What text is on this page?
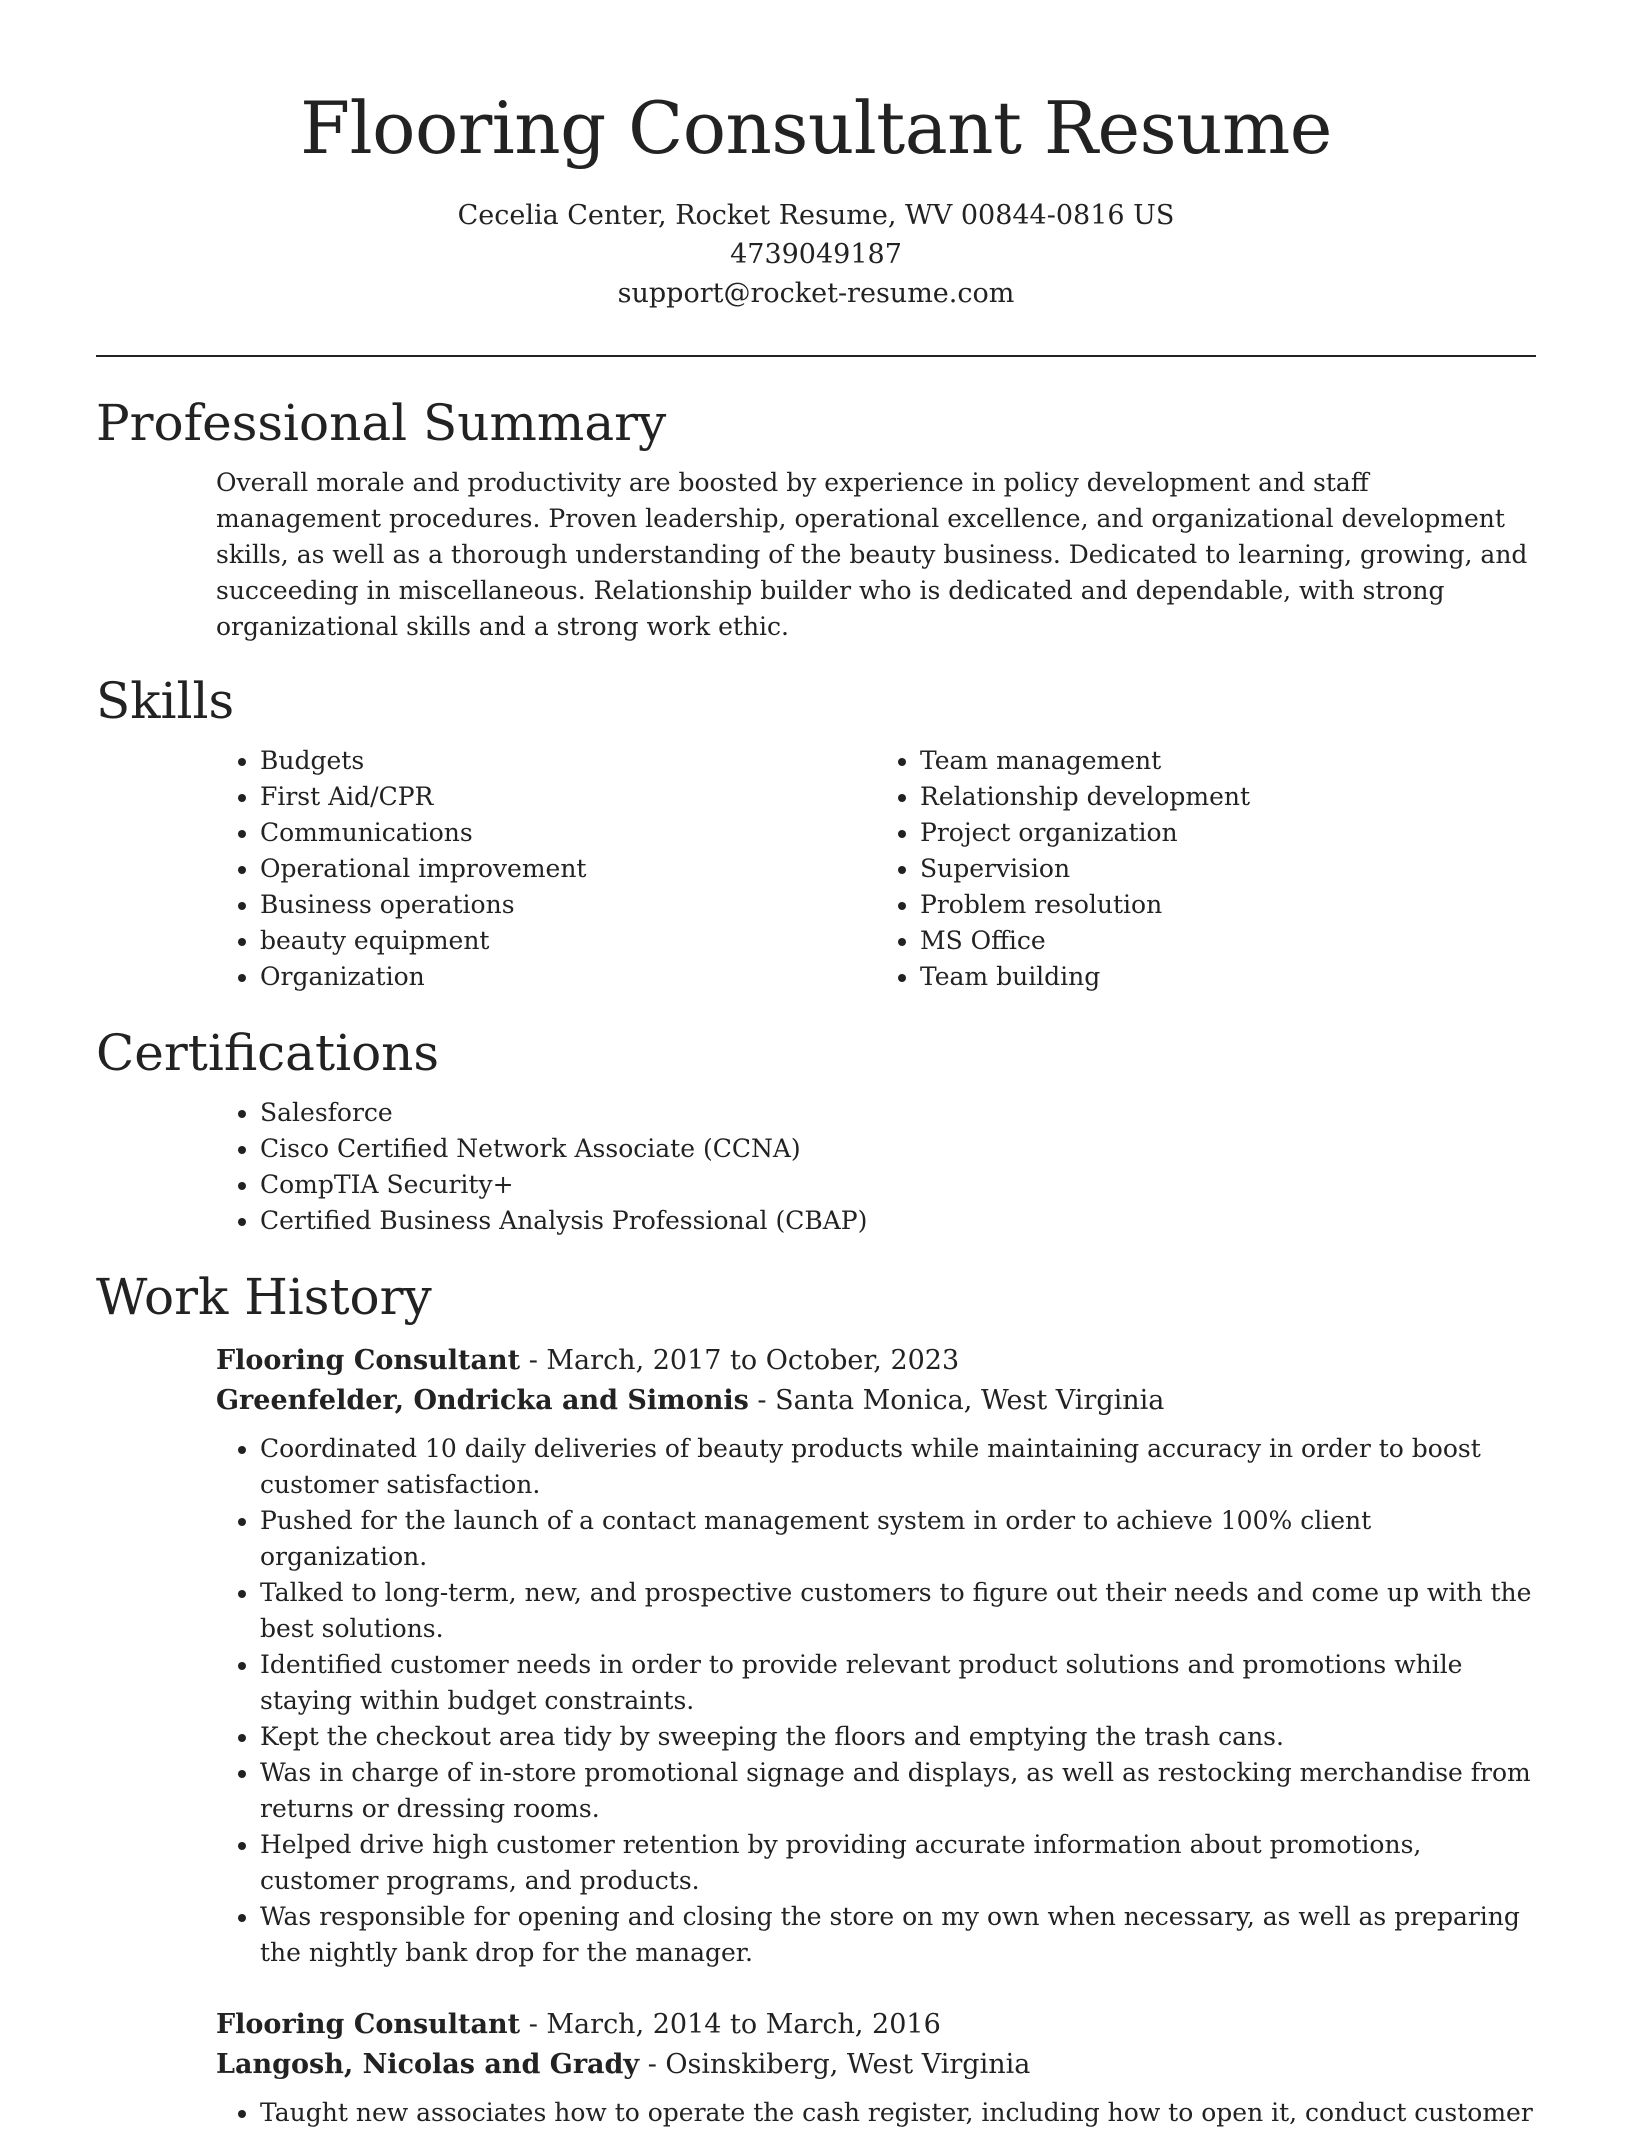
Flooring Consultant Resume
Cecelia Center, Rocket Resume, WV 00844-0816 US
4739049187
support@rocket-resume.com
Professional Summary
Overall morale and productivity are boosted by experience in policy development and staff management procedures. Proven leadership, operational excellence, and organizational development skills, as well as a thorough understanding of the beauty business. Dedicated to learning, growing, and succeeding in miscellaneous. Relationship builder who is dedicated and dependable, with strong organizational skills and a strong work ethic.
Skills
• Budgets
• First Aid/CPR
• Communications
• Operational improvement
• Business operations
• beauty equipment
• Organization
• Team management
• Relationship development
• Project organization
• Supervision
• Problem resolution
• MS Office
• Team building
Certifications
• Salesforce
• Cisco Certified Network Associate (CCNA)
• CompTIA Security+
• Certified Business Analysis Professional (CBAP)
Work History
Flooring Consultant - March, 2017 to October, 2023
Greenfelder, Ondricka and Simonis - Santa Monica, West Virginia
• Coordinated 10 daily deliveries of beauty products while maintaining accuracy in order to boost customer satisfaction.
• Pushed for the launch of a contact management system in order to achieve 100% client organization.
• Talked to long-term, new, and prospective customers to figure out their needs and come up with the best solutions.
• Identified customer needs in order to provide relevant product solutions and promotions while staying within budget constraints.
• Kept the checkout area tidy by sweeping the floors and emptying the trash cans.
• Was in charge of in-store promotional signage and displays, as well as restocking merchandise from returns or dressing rooms.
• Helped drive high customer retention by providing accurate information about promotions, customer programs, and products.
• Was responsible for opening and closing the store on my own when necessary, as well as preparing the nightly bank drop for the manager.
Flooring Consultant - March, 2014 to March, 2016
Langosh, Nicolas and Grady - Osinskiberg, West Virginia
• Taught new associates how to operate the cash register, including how to open it, conduct customer
